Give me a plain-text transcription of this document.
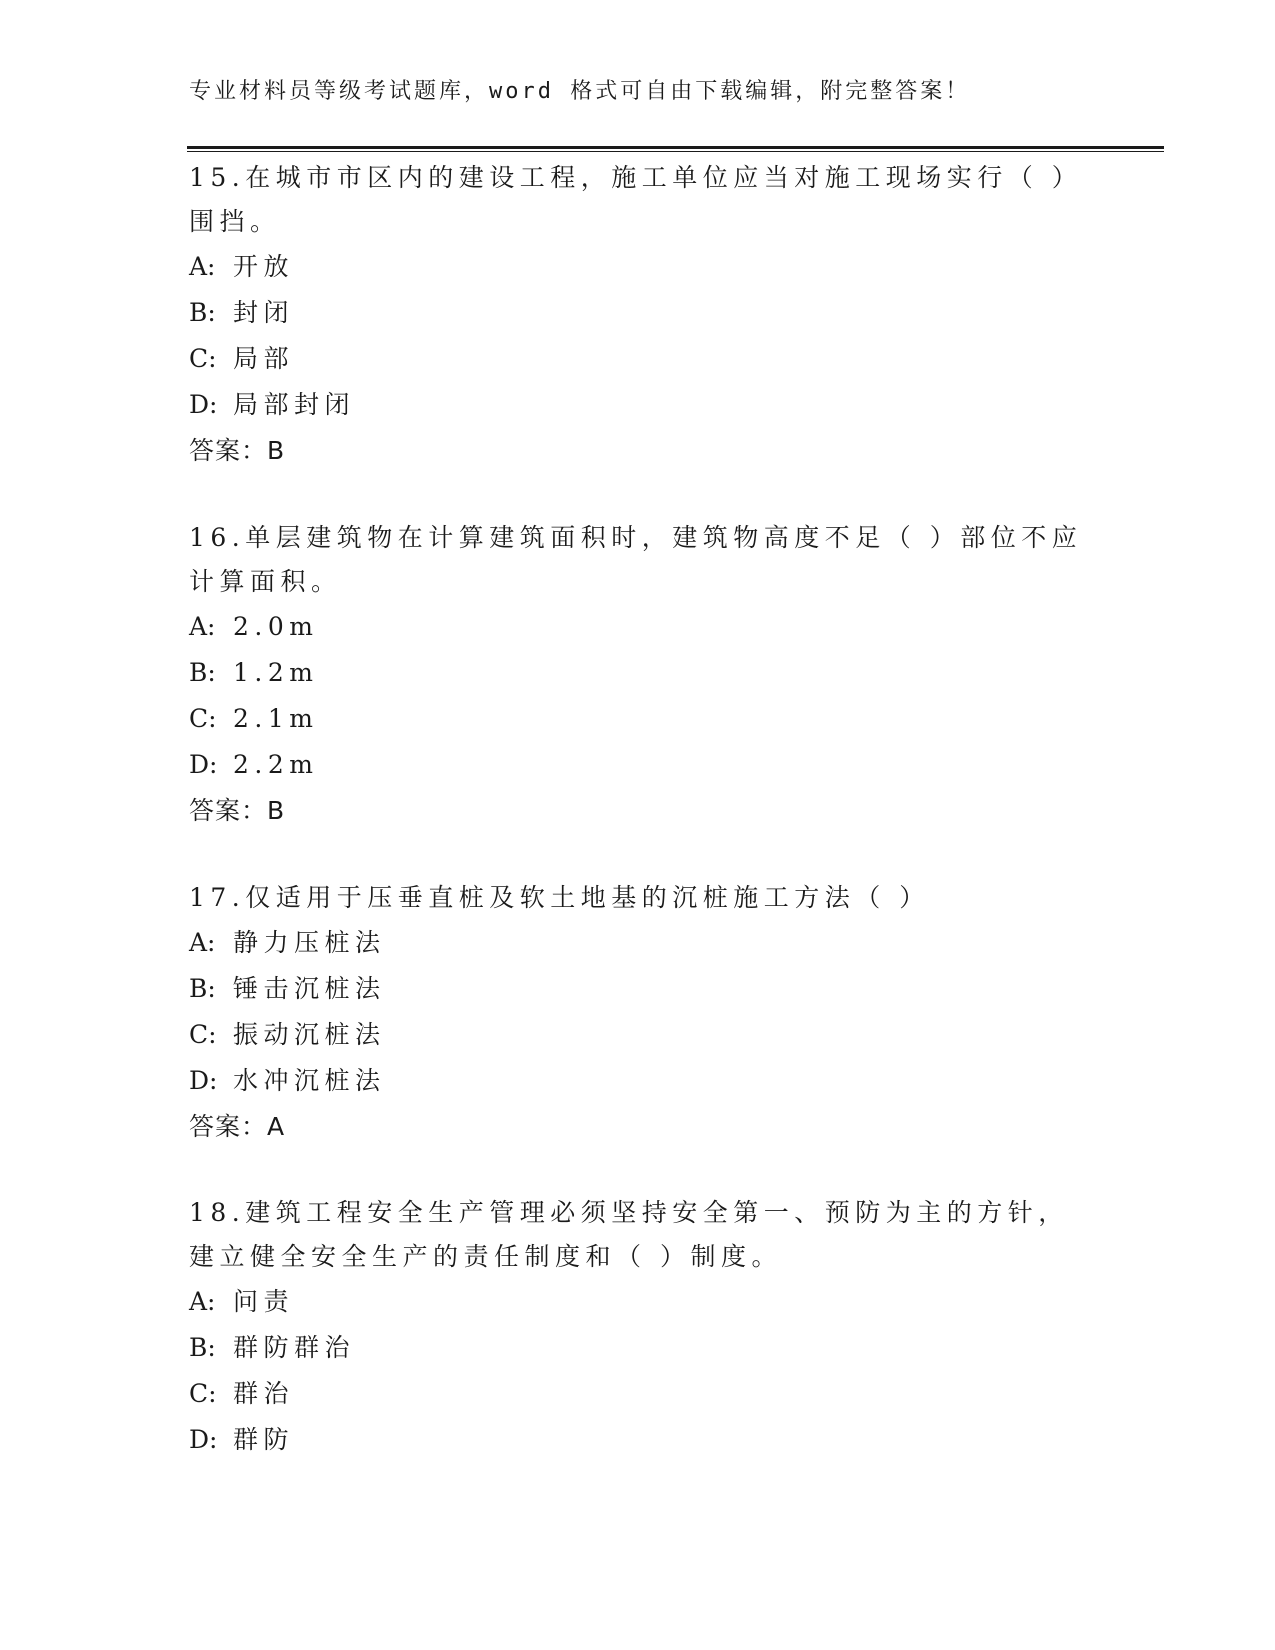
专业材料员等级考试题库，word 格式可自由下载编辑，附完整答案！

15.在城市市区内的建设工程，施工单位应当对施工现场实行（ ）围挡。

A: 开放
B: 封闭
C: 局部
D: 局部封闭
答案：B

16.单层建筑物在计算建筑面积时，建筑物高度不足（ ）部位不应计算面积。

A: 2.0m
B: 1.2m
C: 2.1m
D: 2.2m
答案：B

17.仅适用于压垂直桩及软土地基的沉桩施工方法（ ）

A: 静力压桩法
B: 锤击沉桩法
C: 振动沉桩法
D: 水冲沉桩法
答案：A

18.建筑工程安全生产管理必须坚持安全第一、预防为主的方针，建立健全安全生产的责任制度和（ ）制度。

A: 问责
B: 群防群治
C: 群治
D: 群防
